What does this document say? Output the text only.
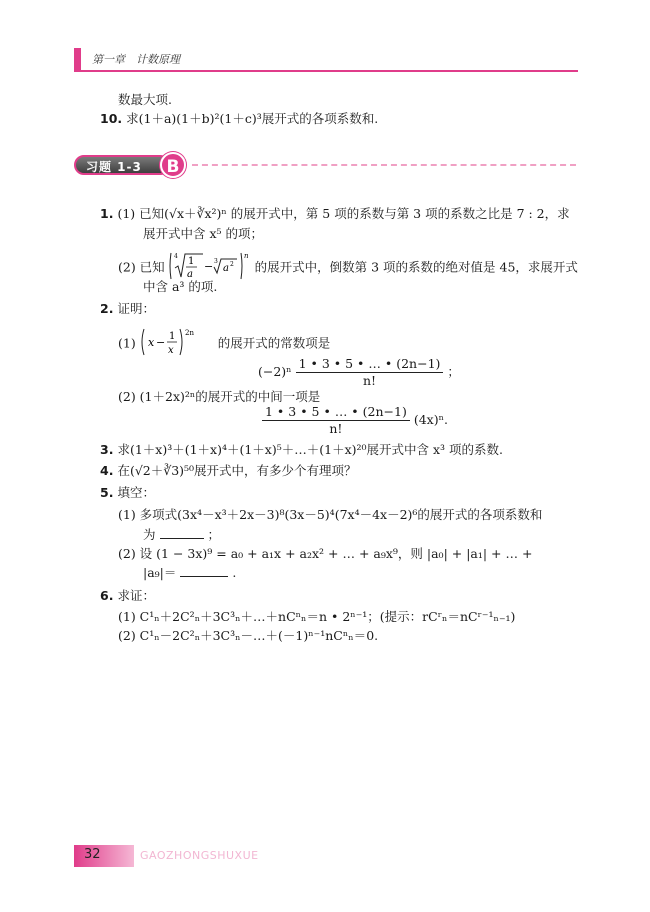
第一章　计数原理
数最大项.
10. 求(1＋a)(1＋b)²(1＋c)³展开式的各项系数和.
习题 1-3	B
1. (1) 已知(√x＋∛x²)ⁿ 的展开式中，第 5 项的系数与第 3 项的系数之比是 7 : 2，求
展开式中含 x⁵ 的项；
(2) 已知
4 1
a
− 3
a 2
n
的展开式中，倒数第 3 项的系数的绝对值是 45，求展开式
中含 a³ 的项.
2. 证明：
(1) x − 1
x
2n
的展开式的常数项是
$(-2)^n \frac{1 • 3 • 5 • \dots • (2n-1)}{n!}$ ；
(2) (1＋2x)²ⁿ的展开式的中间一项是
$\frac{1 • 3 • 5 • \dots • (2n-1)}{n!} (4x)^n$.
3. 求(1＋x)³＋(1＋x)⁴＋(1＋x)⁵＋…＋(1＋x)²⁰展开式中含 x³ 项的系数.
4. 在(√2＋∛3)⁵⁰展开式中，有多少个有理项？
5. 填空：
(1) 多项式(3x⁴－x³＋2x－3)⁸(3x－5)⁴(7x⁴－4x－2)⁶的展开式的各项系数和
为	；
(2) 设 (1 − 3x)⁹ = a₀ + a₁x + a₂x² + … + a₉x⁹，则 |a₀| + |a₁| + … +
|a₉|＝	.
6. 求证：
(1) C¹ₙ＋2C²ₙ＋3C³ₙ＋…＋nCⁿₙ＝n • 2ⁿ⁻¹；(提示：rCʳₙ＝nCʳ⁻¹ₙ₋₁)
(2) C¹ₙ－2C²ₙ＋3C³ₙ－…＋(－1)ⁿ⁻¹nCⁿₙ＝0.
32	GAOZHONGSHUXUE
